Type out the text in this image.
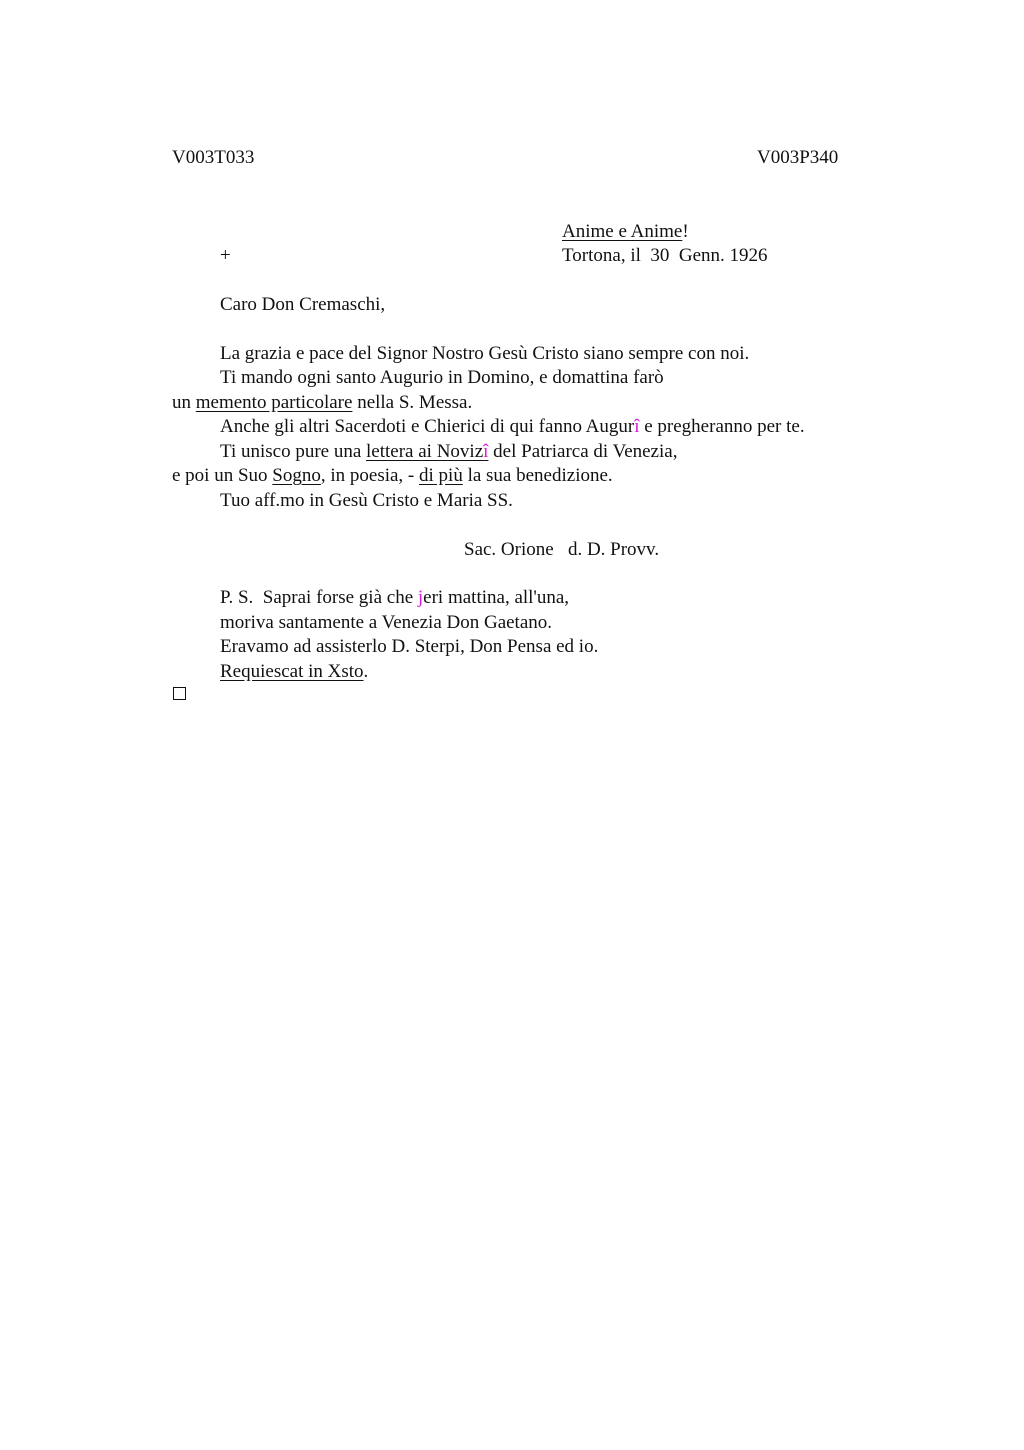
V003T033	V003P340
Anime e Anime!
+	Tortona, il  30  Genn. 1926
Caro Don Cremaschi,
La grazia e pace del Signor Nostro Gesù Cristo siano sempre con noi.
Ti mando ogni santo Augurio in Domino, e domattina farò
un memento particolare nella S. Messa.
Anche gli altri Sacerdoti e Chierici di qui fanno Augurî e pregheranno per te.
Ti unisco pure una lettera ai Novizî del Patriarca di Venezia,
e poi un Suo Sogno, in poesia, - di più la sua benedizione.
Tuo aff.mo in Gesù Cristo e Maria SS.
Sac. Orione   d. D. Provv.
P. S.  Saprai forse già che jeri mattina, all'una,
moriva santamente a Venezia Don Gaetano.
Eravamo ad assisterlo D. Sterpi, Don Pensa ed io.
Requiescat in Xsto.
